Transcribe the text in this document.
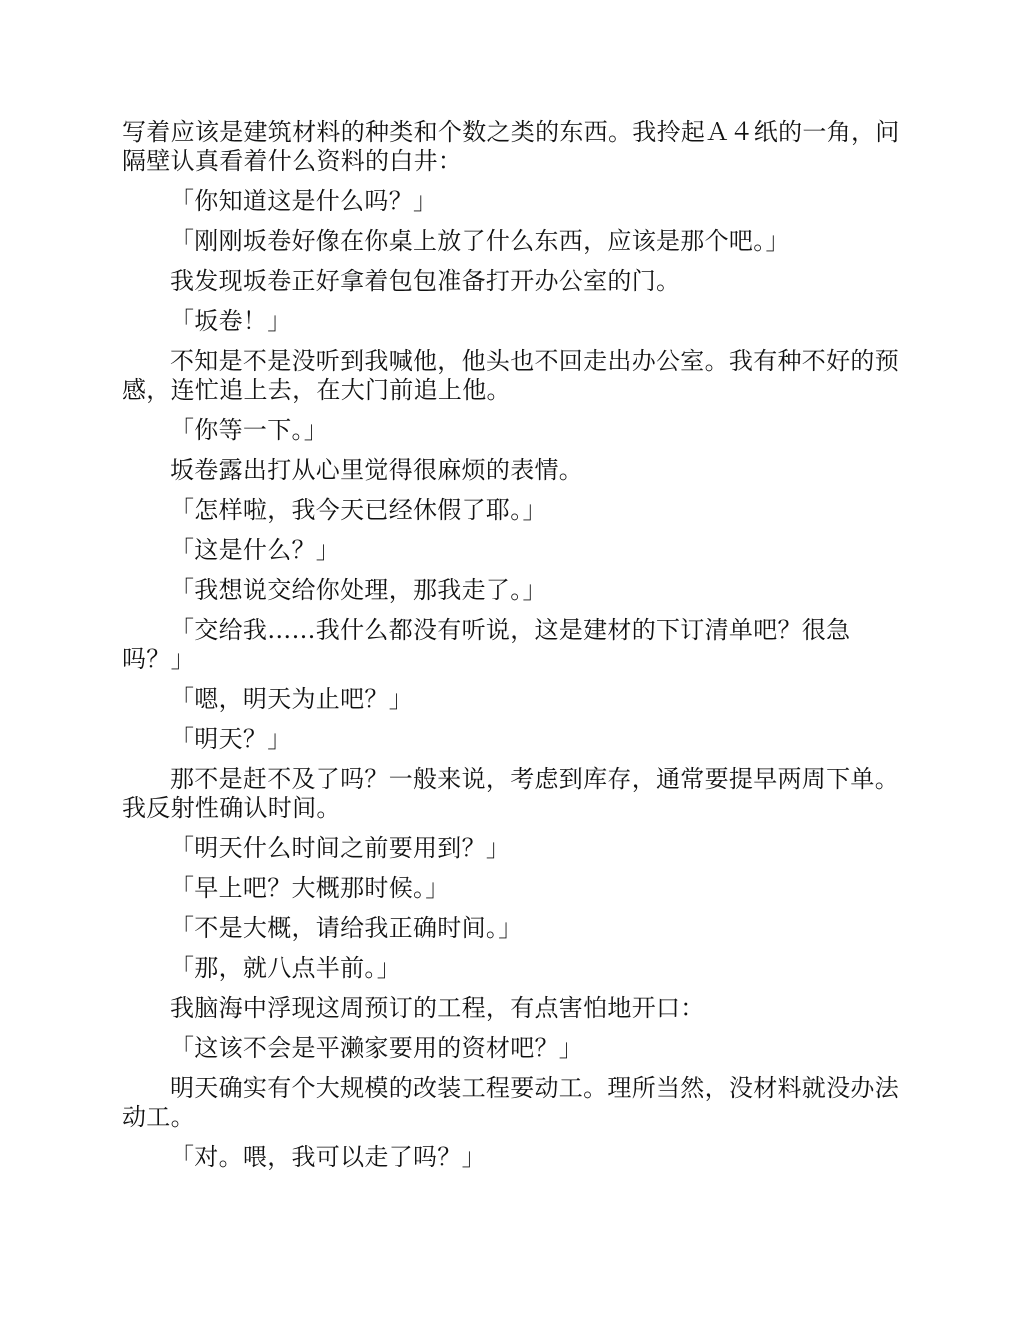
写着应该是建筑材料的种类和个数之类的东西。我拎起Ａ４纸的一角，问隔壁认真看着什么资料的白井：

「你知道这是什么吗？」

「刚刚坂卷好像在你桌上放了什么东西，应该是那个吧。」

我发现坂卷正好拿着包包准备打开办公室的门。

「坂卷！」

不知是不是没听到我喊他，他头也不回走出办公室。我有种不好的预感，连忙追上去，在大门前追上他。

「你等一下。」

坂卷露出打从心里觉得很麻烦的表情。

「怎样啦，我今天已经休假了耶。」

「这是什么？」

「我想说交给你处理，那我走了。」

「交给我……我什么都没有听说，这是建材的下订清单吧？很急吗？」

「嗯，明天为止吧？」

「明天？」

那不是赶不及了吗？一般来说，考虑到库存，通常要提早两周下单。我反射性确认时间。

「明天什么时间之前要用到？」

「早上吧？大概那时候。」

「不是大概，请给我正确时间。」

「那，就八点半前。」

我脑海中浮现这周预订的工程，有点害怕地开口：

「这该不会是平濑家要用的资材吧？」

明天确实有个大规模的改装工程要动工。理所当然，没材料就没办法动工。

「对。喂，我可以走了吗？」
